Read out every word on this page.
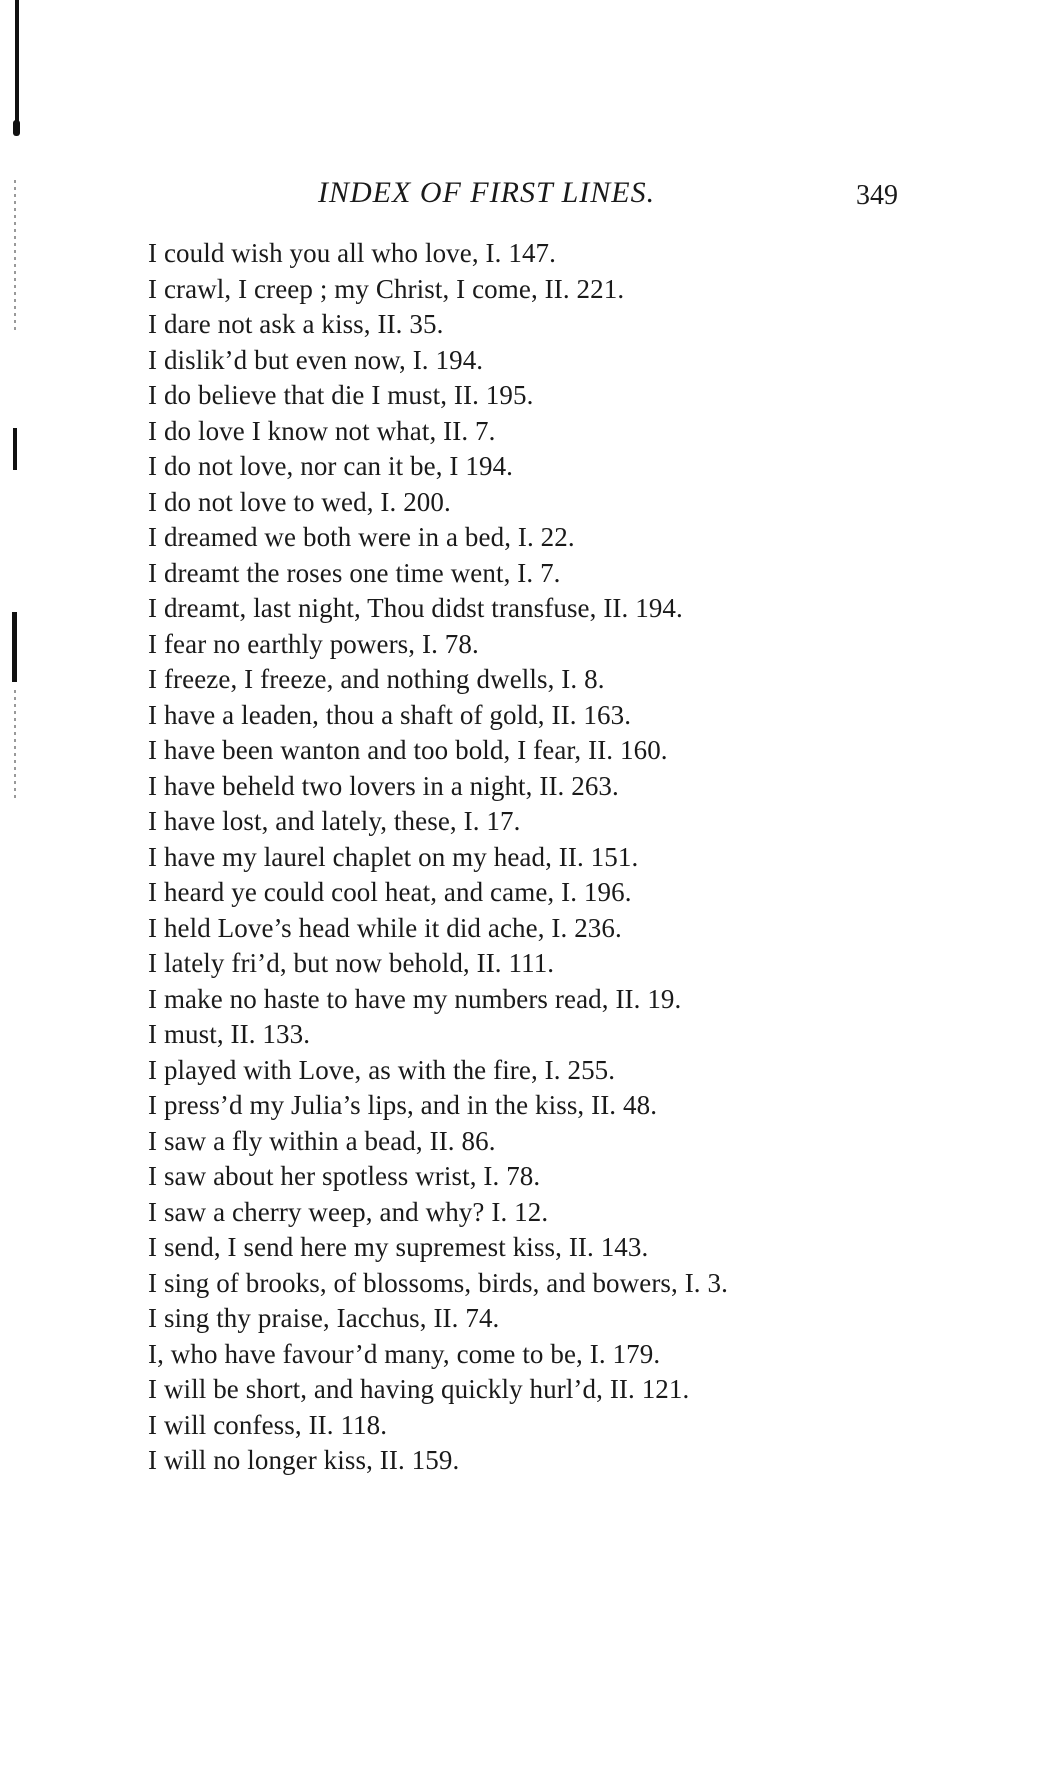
INDEX OF FIRST LINES.	349
I could wish you all who love, I. 147.
I crawl, I creep ; my Christ, I come, II. 221.
I dare not ask a kiss, II. 35.
I dislik’d but even now, I. 194.
I do believe that die I must, II. 195.
I do love I know not what, II. 7.
I do not love, nor can it be, I 194.
I do not love to wed, I. 200.
I dreamed we both were in a bed, I. 22.
I dreamt the roses one time went, I. 7.
I dreamt, last night, Thou didst transfuse, II. 194.
I fear no earthly powers, I. 78.
I freeze, I freeze, and nothing dwells, I. 8.
I have a leaden, thou a shaft of gold, II. 163.
I have been wanton and too bold, I fear, II. 160.
I have beheld two lovers in a night, II. 263.
I have lost, and lately, these, I. 17.
I have my laurel chaplet on my head, II. 151.
I heard ye could cool heat, and came, I. 196.
I held Love’s head while it did ache, I. 236.
I lately fri’d, but now behold, II. 111.
I make no haste to have my numbers read, II. 19.
I must, II. 133.
I played with Love, as with the fire, I. 255.
I press’d my Julia’s lips, and in the kiss, II. 48.
I saw a fly within a bead, II. 86.
I saw about her spotless wrist, I. 78.
I saw a cherry weep, and why? I. 12.
I send, I send here my supremest kiss, II. 143.
I sing of brooks, of blossoms, birds, and bowers, I. 3.
I sing thy praise, Iacchus, II. 74.
I, who have favour’d many, come to be, I. 179.
I will be short, and having quickly hurl’d, II. 121.
I will confess, II. 118.
I will no longer kiss, II. 159.
